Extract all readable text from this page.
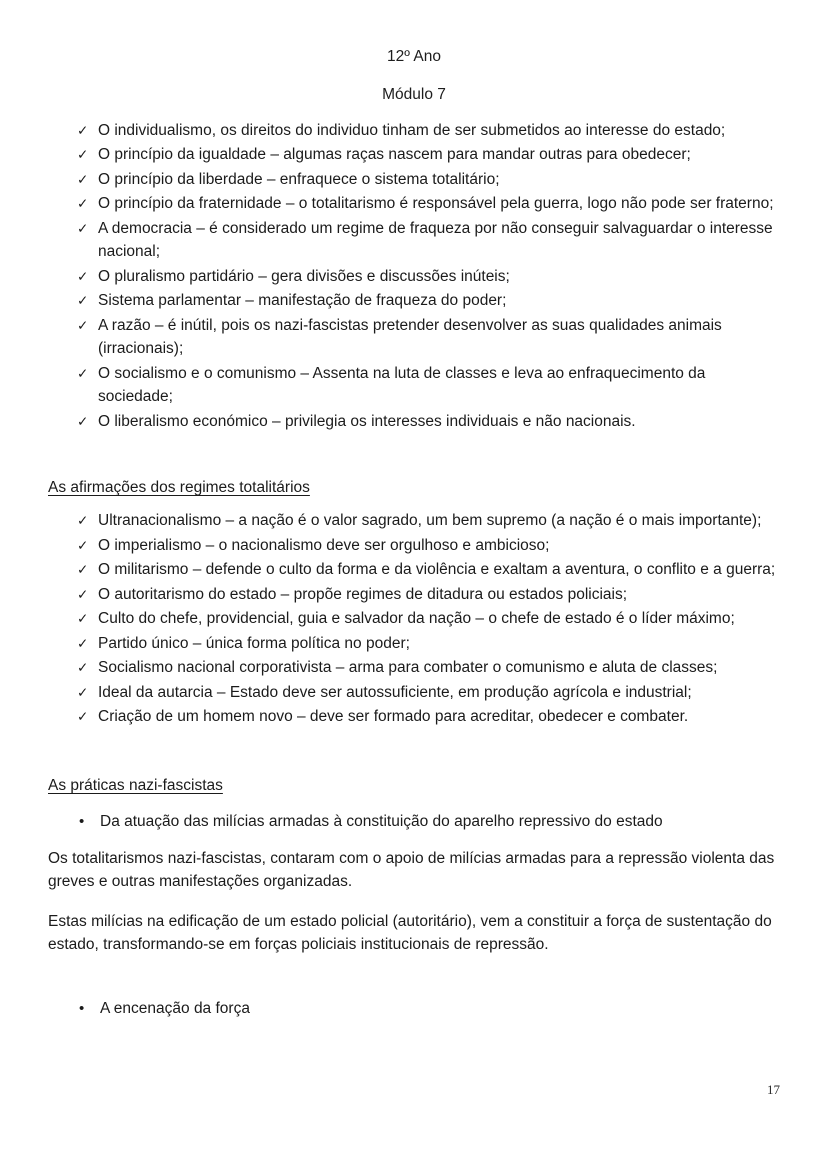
12º Ano
Módulo 7
✓ O individualismo, os direitos do individuo tinham de ser submetidos ao interesse do estado;
✓ O princípio da igualdade – algumas raças nascem para mandar outras para obedecer;
✓ O princípio da liberdade – enfraquece o sistema totalitário;
✓ O princípio da fraternidade – o totalitarismo é responsável pela guerra, logo não pode ser fraterno;
✓ A democracia – é considerado um regime de fraqueza por não conseguir salvaguardar o interesse nacional;
✓ O pluralismo partidário – gera divisões e discussões inúteis;
✓ Sistema parlamentar – manifestação de fraqueza do poder;
✓ A razão – é inútil, pois os nazi-fascistas pretender desenvolver as suas qualidades animais (irracionais);
✓ O socialismo e o comunismo – Assenta na luta de classes e leva ao enfraquecimento da sociedade;
✓ O liberalismo económico – privilegia os interesses individuais e não nacionais.
As afirmações dos regimes totalitários
✓ Ultranacionalismo – a nação é o valor sagrado, um bem supremo (a nação é o mais importante);
✓ O imperialismo – o nacionalismo deve ser orgulhoso e ambicioso;
✓ O militarismo – defende o culto da forma e da violência e exaltam a aventura, o conflito e a guerra;
✓ O autoritarismo do estado – propõe regimes de ditadura ou estados policiais;
✓ Culto do chefe, providencial, guia e salvador da nação – o chefe de estado é o líder máximo;
✓ Partido único – única forma política no poder;
✓ Socialismo nacional corporativista – arma para combater o comunismo e aluta de classes;
✓ Ideal da autarcia – Estado deve ser autossuficiente, em produção agrícola e industrial;
✓ Criação de um homem novo – deve ser formado para acreditar, obedecer e combater.
As práticas nazi-fascistas
•	Da atuação das milícias armadas à constituição do aparelho repressivo do estado

Os totalitarismos nazi-fascistas, contaram com o apoio de milícias armadas para a repressão violenta das greves e outras manifestações organizadas.

Estas milícias na edificação de um estado policial (autoritário), vem a constituir a força de sustentação do estado, transformando-se em forças policiais institucionais de repressão.

•	A encenação da força
17
